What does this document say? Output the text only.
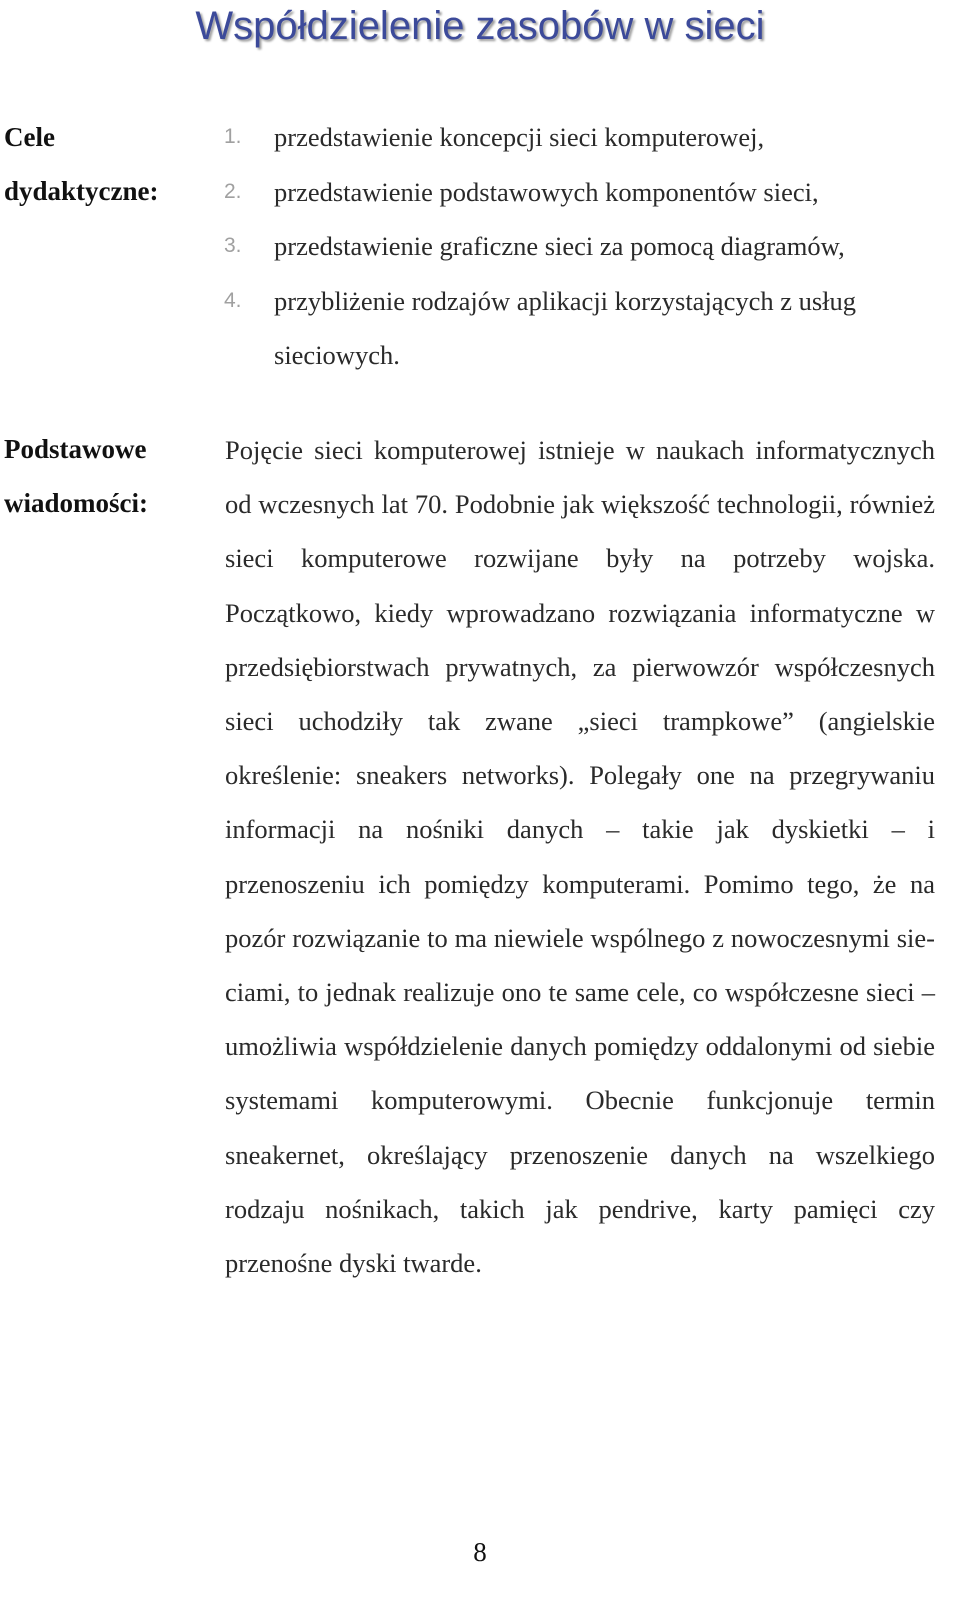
Współdzielenie zasobów w sieci
Cele
dydaktyczne:
1. przedstawienie koncepcji sieci komputerowej,
2. przedstawienie podstawowych komponentów sieci,
3. przedstawienie graficzne sieci za pomocą diagramów,
4. przybliżenie rodzajów aplikacji korzystających z usług sieciowych.
Podstawowe
wiadomości:

Pojęcie sieci komputerowej istnieje w naukach informatycznych od wczesnych lat 70. Podobnie jak większość technologii, również sieci komputerowe rozwijane były na potrzeby wojska. Początkowo, kiedy wprowadzano rozwiązania informatyczne w przedsiębiorstwach prywatnych, za pierwowzór współczesnych sieci uchodziły tak zwane „sieci trampkowe” (angielskie określenie: sneakers networks). Polegały one na przegrywaniu informacji na nośniki danych – takie jak dyskietki – i przenoszeniu ich pomiędzy komputerami. Pomimo tego, że na pozór rozwiązanie to ma niewiele wspólnego z nowoczesnymi sieciami, to jednak realizuje ono te same cele, co współczesne sieci – umożliwia współdzielenie danych pomiędzy oddalonymi od siebie systemami komputerowymi. Obecnie funkcjonuje termin sneakernet, określający przenoszenie danych na wszelkiego rodzaju nośnikach, takich jak pendrive, karty pamięci czy przenośne dyski twarde.

8
